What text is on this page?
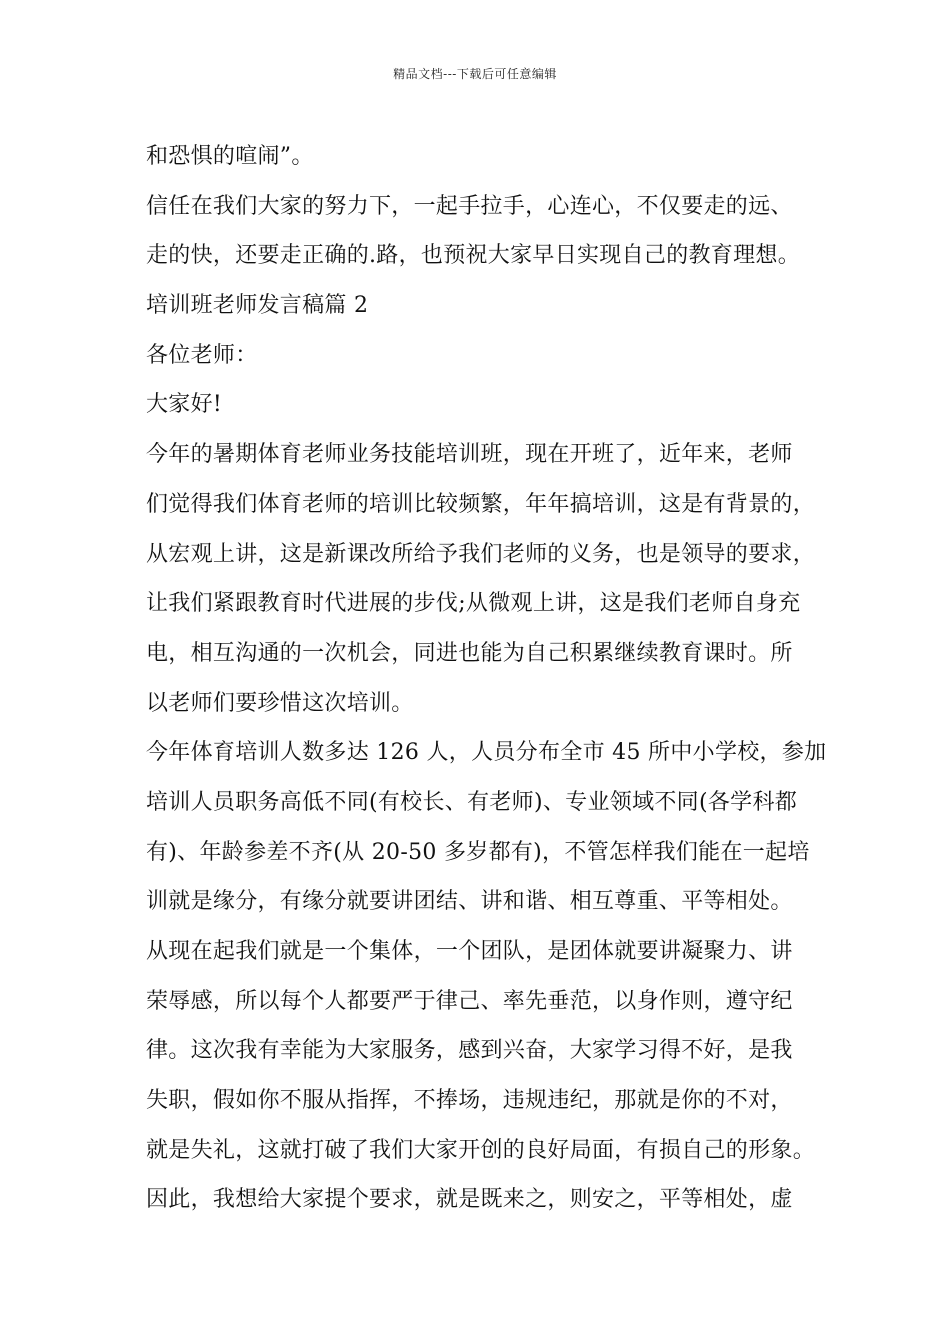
精品文档---下载后可任意编辑
和恐惧的喧闹”。
信任在我们大家的努力下，一起手拉手，心连心，不仅要走的远、
走的快，还要走正确的.路，也预祝大家早日实现自己的教育理想。
培训班老师发言稿篇 2
各位老师：
大家好!
今年的暑期体育老师业务技能培训班，现在开班了，近年来，老师
们觉得我们体育老师的培训比较频繁，年年搞培训，这是有背景的，
从宏观上讲，这是新课改所给予我们老师的义务，也是领导的要求，
让我们紧跟教育时代进展的步伐;从微观上讲，这是我们老师自身充
电，相互沟通的一次机会，同进也能为自己积累继续教育课时。所
以老师们要珍惜这次培训。
今年体育培训人数多达 126 人，人员分布全市 45 所中小学校，参加
培训人员职务高低不同(有校长、有老师)、专业领域不同(各学科都
有)、年龄参差不齐(从 20-50 多岁都有)，不管怎样我们能在一起培
训就是缘分，有缘分就要讲团结、讲和谐、相互尊重、平等相处。
从现在起我们就是一个集体，一个团队，是团体就要讲凝聚力、讲
荣辱感，所以每个人都要严于律己、率先垂范，以身作则，遵守纪
律。这次我有幸能为大家服务，感到兴奋，大家学习得不好，是我
失职，假如你不服从指挥，不捧场，违规违纪，那就是你的不对，
就是失礼，这就打破了我们大家开创的良好局面，有损自己的形象。
因此，我想给大家提个要求，就是既来之，则安之，平等相处，虚
